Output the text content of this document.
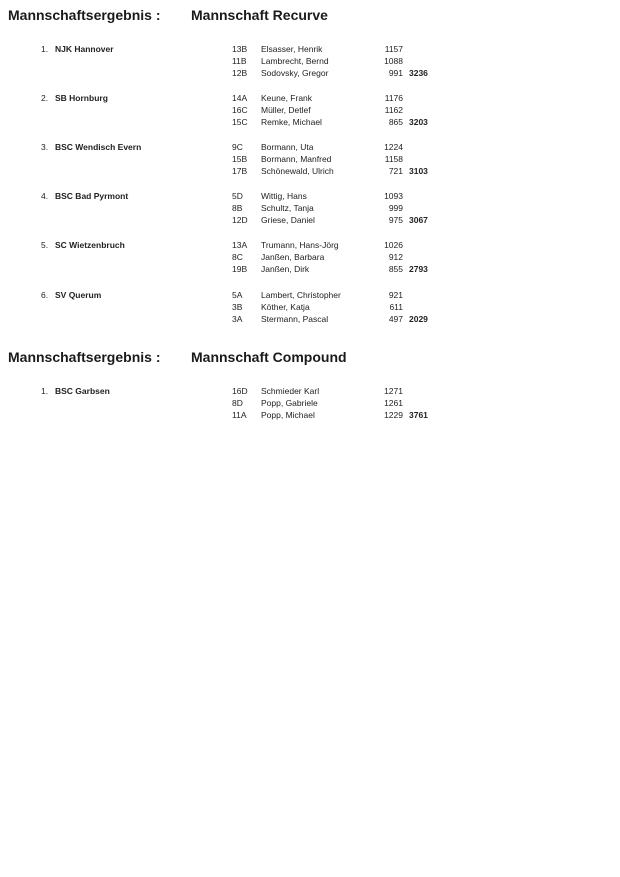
Mannschaftsergebnis : Mannschaft Recurve
1. NJK Hannover	13B Elsasser, Henrik	1157
11B Lambrecht, Bernd	1088
12B Sodovsky, Gregor	991 3236
2. SB Hornburg	14A Keune, Frank	1176
16C Müller, Detlef	1162
15C Remke, Michael	865 3203
3. BSC Wendisch Evern	9C Bormann, Uta	1224
15B Bormann, Manfred	1158
17B Schönewald, Ulrich	721 3103
4. BSC Bad Pyrmont	5D Wittig, Hans	1093
8B Schultz, Tanja	999
12D Griese, Daniel	975 3067
5. SC Wietzenbruch	13A Trumann, Hans-Jörg	1026
8C Janßen, Barbara	912
19B Janßen, Dirk	855 2793
6. SV Querum	5A Lambert, Christopher	921
3B Köther, Katja	611
3A Stermann, Pascal	497 2029
Mannschaftsergebnis : Mannschaft Compound
1. BSC Garbsen	16D Schmieder Karl	1271
8D Popp, Gabriele	1261
11A Popp, Michael	1229 3761
